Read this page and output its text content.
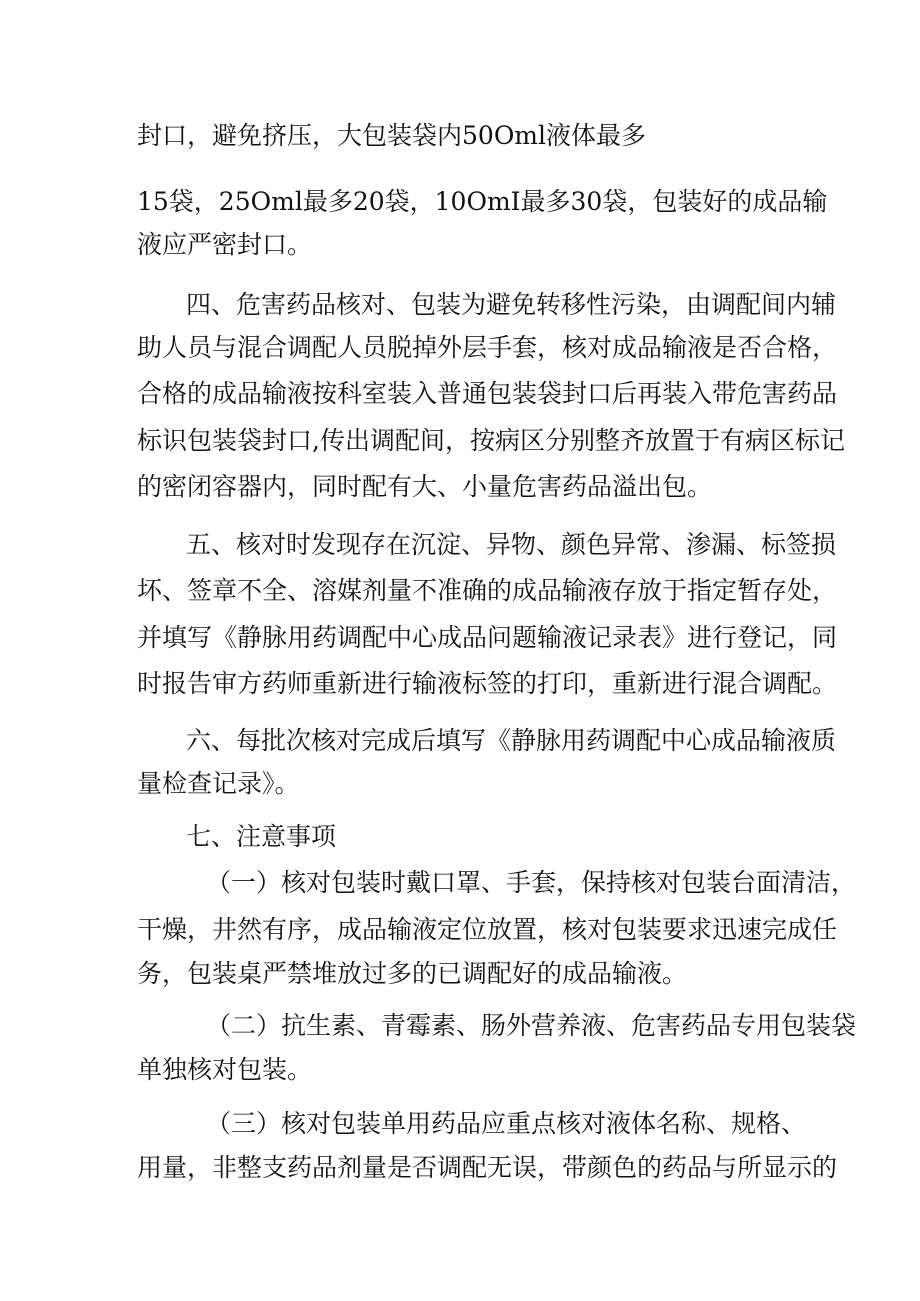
封口，避免挤压，大包装袋内50Oml液体最多
15袋，25Oml最多20袋，10OmI最多30袋，包装好的成品输
液应严密封口。
四、危害药品核对、包装为避免转移性污染，由调配间内辅
助人员与混合调配人员脱掉外层手套，核对成品输液是否合格，
合格的成品输液按科室装入普通包装袋封口后再装入带危害药品
标识包装袋封口,传出调配间，按病区分别整齐放置于有病区标记
的密闭容器内，同时配有大、小量危害药品溢出包。
五、核对时发现存在沉淀、异物、颜色异常、渗漏、标签损
坏、签章不全、溶媒剂量不准确的成品输液存放于指定暂存处，
并填写《静脉用药调配中心成品问题输液记录表》进行登记，同
时报告审方药师重新进行输液标签的打印，重新进行混合调配。
六、每批次核对完成后填写《静脉用药调配中心成品输液质
量检查记录》。
七、注意事项
（一）核对包装时戴口罩、手套，保持核对包装台面清洁，
干燥，井然有序，成品输液定位放置，核对包装要求迅速完成任
务，包装桌严禁堆放过多的已调配好的成品输液。
（二）抗生素、青霉素、肠外营养液、危害药品专用包装袋
单独核对包装。
（三）核对包装单用药品应重点核对液体名称、规格、
用量，非整支药品剂量是否调配无误，带颜色的药品与所显示的
